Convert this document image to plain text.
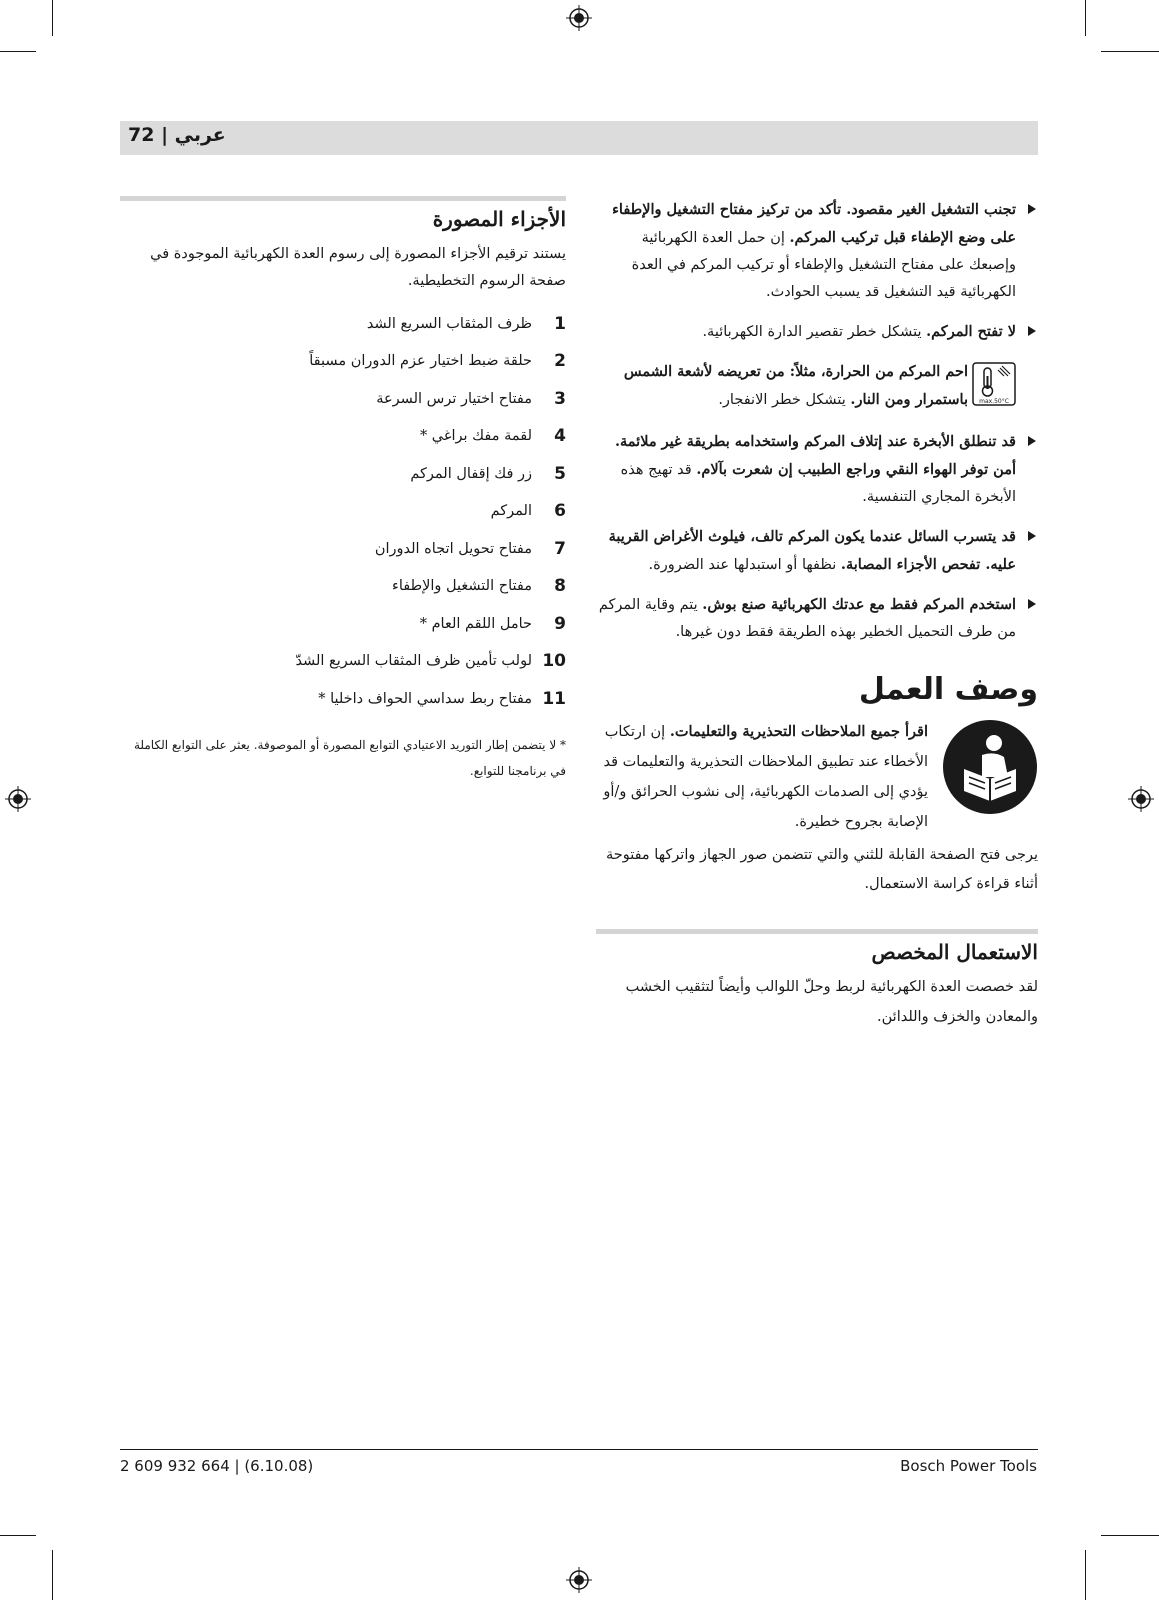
عربي | 72
الأجزاء المصورة

يستند ترقيم الأجزاء المصورة إلى رسوم العدة الكهربائية الموجودة في صفحة الرسوم التخطيطية.

1
ظرف المثقاب السريع الشد
2
حلقة ضبط اختيار عزم الدوران مسبقاً
3
مفتاح اختيار ترس السرعة
4
لقمة مفك براغي *
5
زر فك إقفال المركم
6
المركم
7
مفتاح تحويل اتجاه الدوران
8
مفتاح التشغيل والإطفاء
9
حامل اللقم العام *
10
لولب تأمين ظرف المثقاب السريع الشدّ
11
مفتاح ربط سداسي الحواف داخليا *
* لا يتضمن إطار التوريد الاعتيادي التوابع المصورة أو الموصوفة. يعثر على التوابع الكاملة في برنامجنا للتوابع.
تجنب التشغيل الغير مقصود. تأكد من تركيز مفتاح التشغيل والإطفاء على وضع الإطفاء قبل تركيب المركم. إن حمل العدة الكهربائية وإصبعك على مفتاح التشغيل والإطفاء أو تركيب المركم في العدة الكهربائية قيد التشغيل قد يسبب الحوادث.
لا تفتح المركم. يتشكل خطر تقصير الدارة الكهربائية.
max.50°C
احم المركم من الحرارة، مثلاً: من تعريضه لأشعة الشمس باستمرار ومن النار. يتشكل خطر الانفجار.
قد تنطلق الأبخرة عند إتلاف المركم واستخدامه بطريقة غير ملائمة. أمن توفر الهواء النقي وراجع الطبيب إن شعرت بآلام. قد تهيج هذه الأبخرة المجاري التنفسية.
قد يتسرب السائل عندما يكون المركم تالف، فيلوث الأغراض القريبة عليه. تفحص الأجزاء المصابة. نظفها أو استبدلها عند الضرورة.
استخدم المركم فقط مع عدتك الكهربائية صنع بوش. يتم وقاية المركم من طرف التحميل الخطير بهذه الطريقة فقط دون غيرها.
وصف العمل
اقرأ جميع الملاحظات التحذيرية والتعليمات. إن ارتكاب الأخطاء عند تطبيق الملاحظات التحذيرية والتعليمات قد يؤدي إلى الصدمات الكهربائية، إلى نشوب الحرائق و/أو الإصابة بجروح خطيرة.

يرجى فتح الصفحة القابلة للثني والتي تتضمن صور الجهاز واتركها مفتوحة أثناء قراءة كراسة الاستعمال.

الاستعمال المخصص

لقد خصصت العدة الكهربائية لربط وحلّ اللوالب وأيضاً لتثقيب الخشب والمعادن والخزف واللدائن.

2 609 932 664 | (6.10.08)	Bosch Power Tools
